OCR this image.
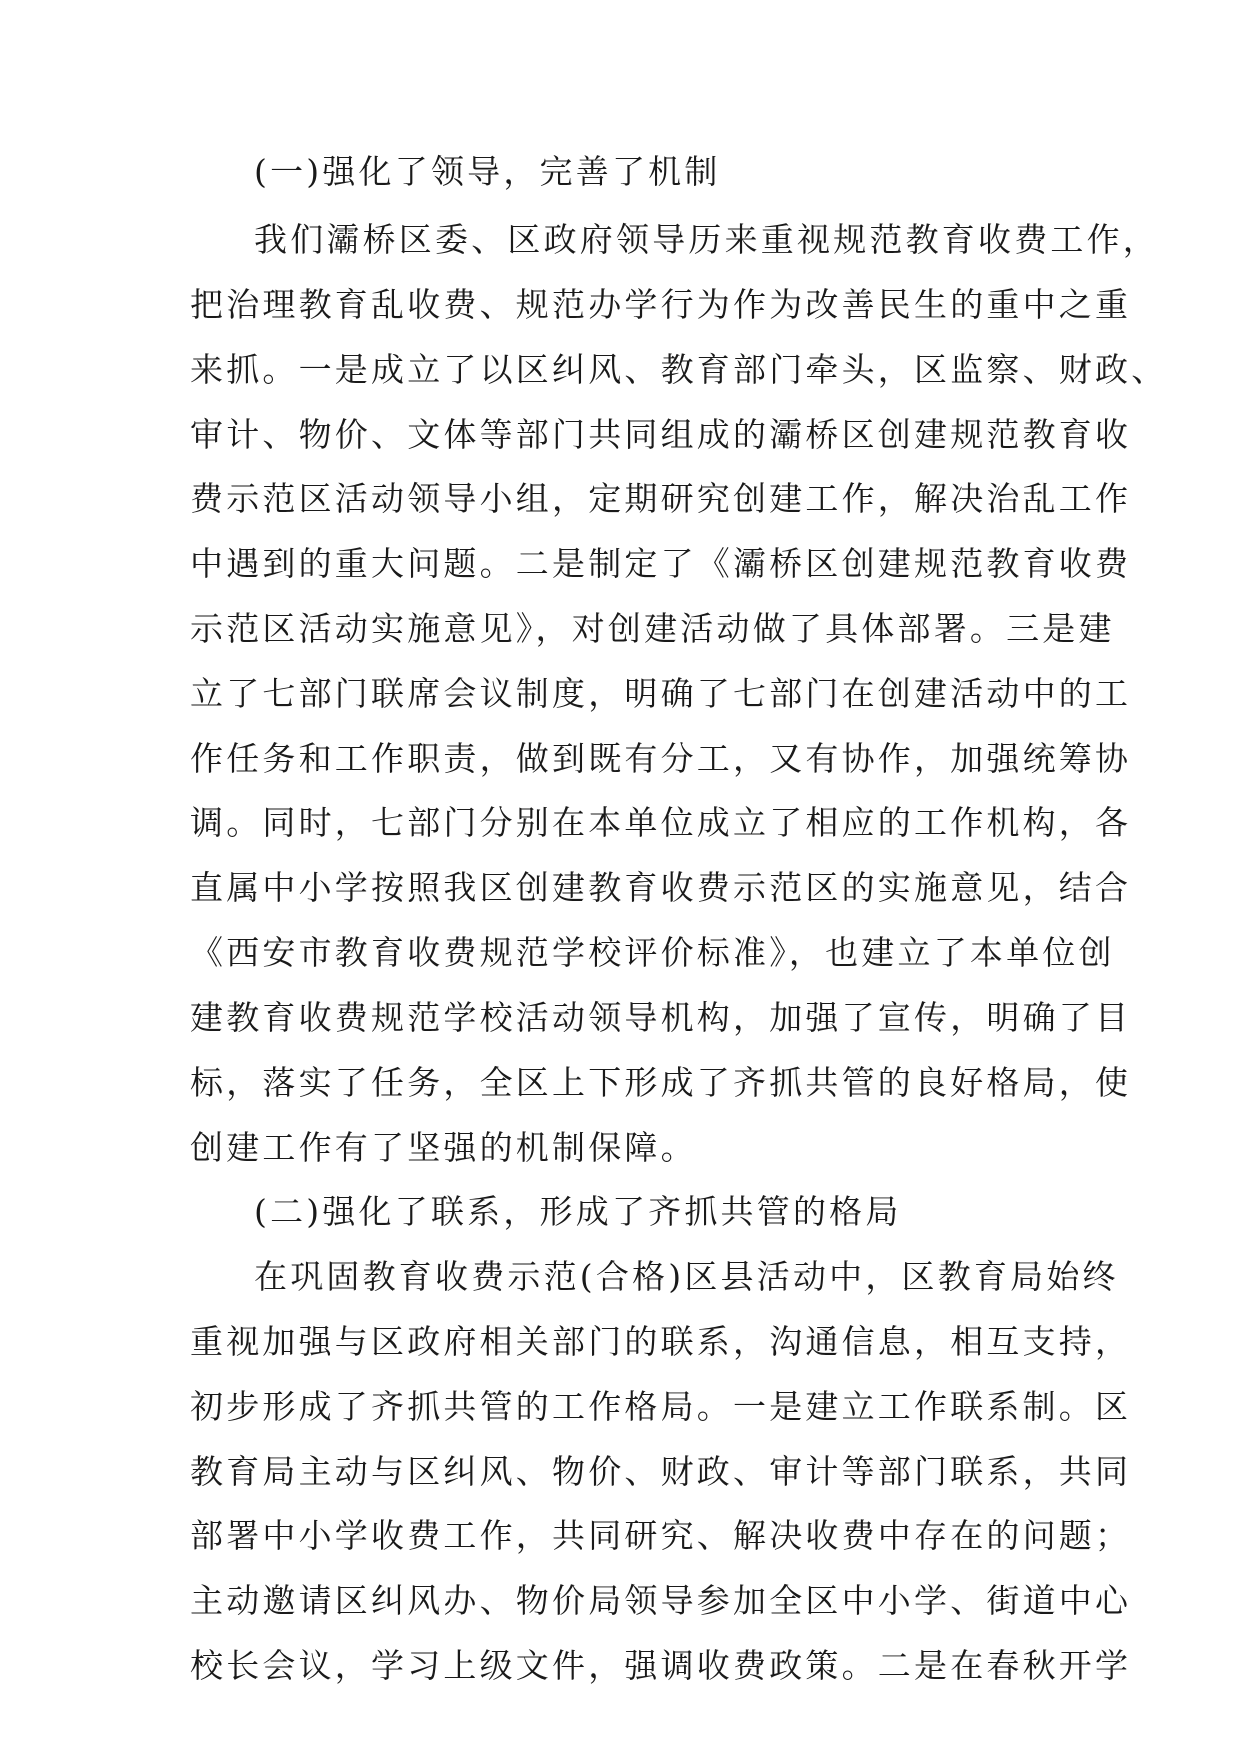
(一)强化了领导，完善了机制
我们灞桥区委、区政府领导历来重视规范教育收费工作，
把治理教育乱收费、规范办学行为作为改善民生的重中之重
来抓。一是成立了以区纠风、教育部门牵头，区监察、财政、
审计、物价、文体等部门共同组成的灞桥区创建规范教育收
费示范区活动领导小组，定期研究创建工作，解决治乱工作
中遇到的重大问题。二是制定了《灞桥区创建规范教育收费
示范区活动实施意见》，对创建活动做了具体部署。三是建
立了七部门联席会议制度，明确了七部门在创建活动中的工
作任务和工作职责，做到既有分工，又有协作，加强统筹协
调。同时，七部门分别在本单位成立了相应的工作机构，各
直属中小学按照我区创建教育收费示范区的实施意见，结合
《西安市教育收费规范学校评价标准》，也建立了本单位创
建教育收费规范学校活动领导机构，加强了宣传，明确了目
标，落实了任务，全区上下形成了齐抓共管的良好格局，使
创建工作有了坚强的机制保障。
(二)强化了联系，形成了齐抓共管的格局
在巩固教育收费示范(合格)区县活动中，区教育局始终
重视加强与区政府相关部门的联系，沟通信息，相互支持，
初步形成了齐抓共管的工作格局。一是建立工作联系制。区
教育局主动与区纠风、物价、财政、审计等部门联系，共同
部署中小学收费工作，共同研究、解决收费中存在的问题；
主动邀请区纠风办、物价局领导参加全区中小学、街道中心
校长会议，学习上级文件，强调收费政策。二是在春秋开学
